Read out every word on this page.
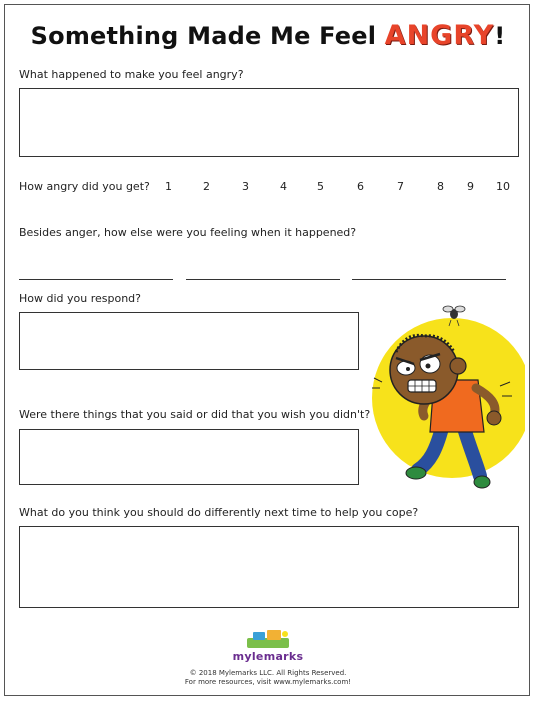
Something Made Me Feel ANGRY!
What happened to make you feel angry?
How angry did you get? 1	2	3	4	5	6	7	8 9 10
Besides anger, how else were you feeling when it happened?
How did you respond?
Were there things that you said or did that you wish you didn't?
What do you think you should do differently next time to help you cope?
mylemarks
© 2018 Mylemarks LLC. All Rights Reserved.
For more resources, visit www.mylemarks.com!
